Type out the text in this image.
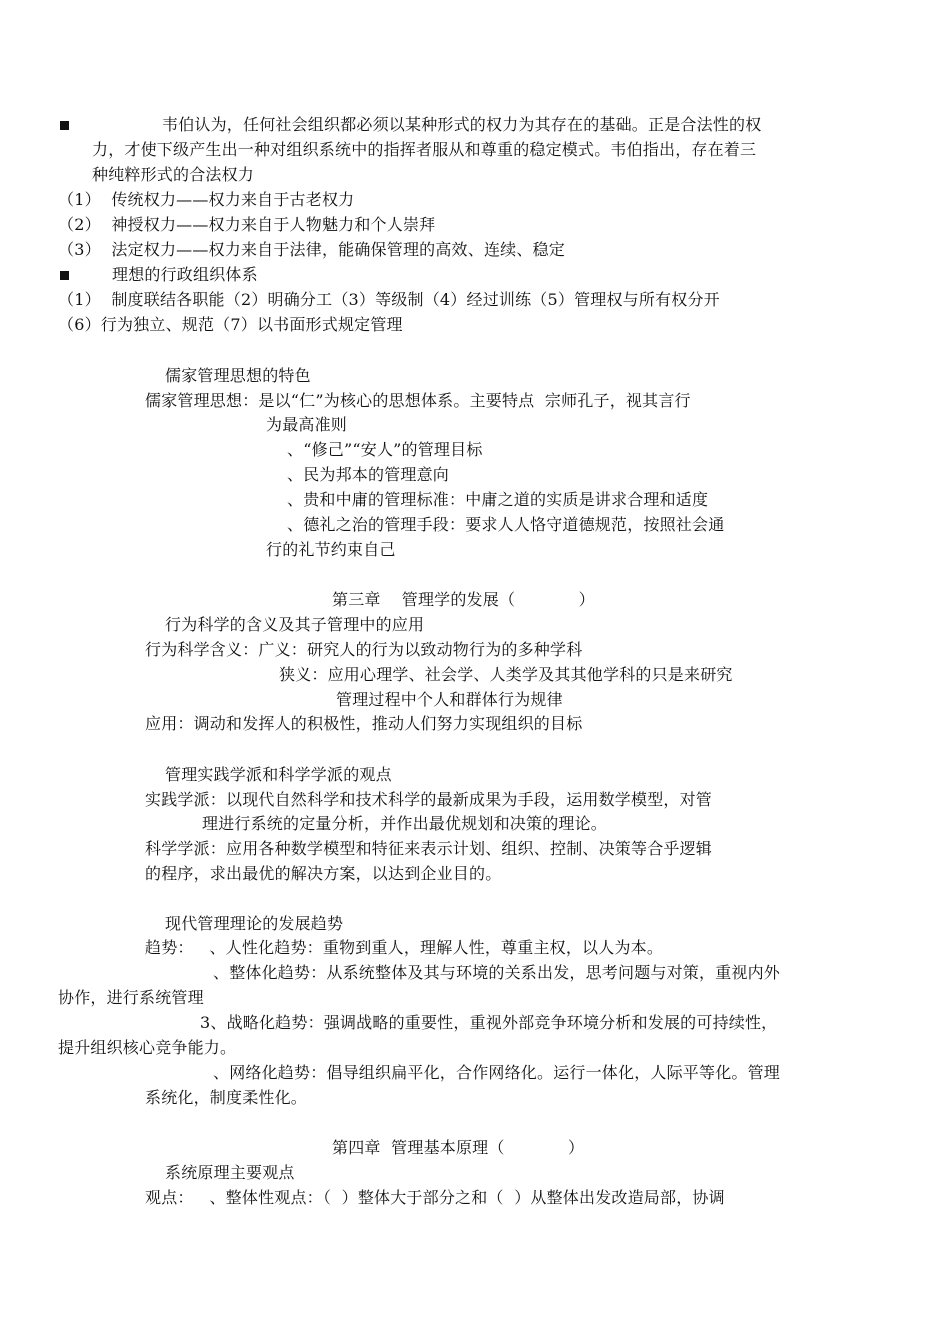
韦伯认为，任何社会组织都必须以某种形式的权力为其存在的基础。正是合法性的权
力，才使下级产生出一种对组织系统中的指挥者服从和尊重的稳定模式。韦伯指出，存在着三
种纯粹形式的合法权力
（1）  传统权力——权力来自于古老权力
（2）  神授权力——权力来自于人物魅力和个人崇拜
（3）  法定权力——权力来自于法律，能确保管理的高效、连续、稳定
理想的行政组织体系
（1）  制度联结各职能（2）明确分工（3）等级制（4）经过训练（5）管理权与所有权分开
（6）行为独立、规范（7）以书面形式规定管理
儒家管理思想的特色
儒家管理思想：是以“仁”为核心的思想体系。主要特点  宗师孔子，视其言行
为最高准则
、“修己”“安人”的管理目标
、民为邦本的管理意向
、贵和中庸的管理标准：中庸之道的实质是讲求合理和适度
、德礼之治的管理手段：要求人人恪守道德规范，按照社会通
行的礼节约束自己
第三章    管理学的发展（            ）
行为科学的含义及其子管理中的应用
行为科学含义：广义：研究人的行为以致动物行为的多种学科
狭义：应用心理学、社会学、人类学及其其他学科的只是来研究
管理过程中个人和群体行为规律
应用：调动和发挥人的积极性，推动人们努力实现组织的目标
管理实践学派和科学学派的观点
实践学派：以现代自然科学和技术科学的最新成果为手段，运用数学模型，对管
理进行系统的定量分析，并作出最优规划和决策的理论。
科学学派：应用各种数学模型和特征来表示计划、组织、控制、决策等合乎逻辑
的程序，求出最优的解决方案，以达到企业目的。
现代管理理论的发展趋势
趋势：   、人性化趋势：重物到重人，理解人性，尊重主权，以人为本。
、整体化趋势：从系统整体及其与环境的关系出发，思考问题与对策，重视内外
协作，进行系统管理
3、战略化趋势：强调战略的重要性，重视外部竞争环境分析和发展的可持续性，
提升组织核心竞争能力。
、网络化趋势：倡导组织扁平化，合作网络化。运行一体化，人际平等化。管理
系统化，制度柔性化。
第四章  管理基本原理（            ）
系统原理主要观点
观点：   、整体性观点：（  ）整体大于部分之和（  ）从整体出发改造局部，协调
